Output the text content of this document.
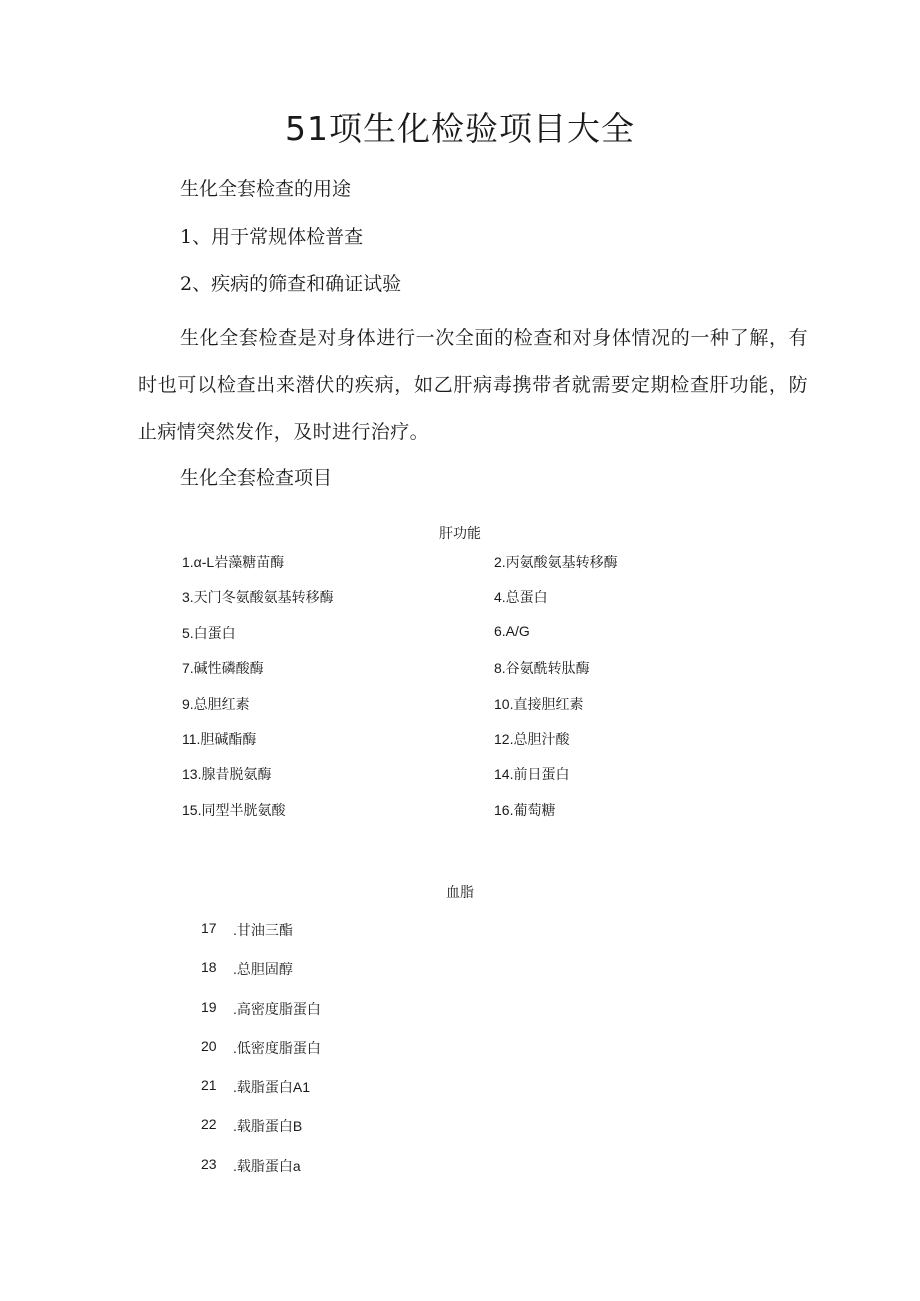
51项生化检验项目大全

生化全套检查的用途

1、用于常规体检普查

2、疾病的筛查和确证试验

生化全套检查是对身体进行一次全面的检查和对身体情况的一种了解，有时也可以检查出来潜伏的疾病，如乙肝病毒携带者就需要定期检查肝功能，防止病情突然发作，及时进行治疗。

生化全套检查项目

肝功能
1.α-L岩藻糖苗酶	2.丙氨酸氨基转移酶
3.天门冬氨酸氨基转移酶	4.总蛋白
5.白蛋白	6.A/G
7.碱性磷酸酶	8.谷氨酰转肽酶
9.总胆红素	10.直接胆红素
11.胆碱酯酶	12.总胆汁酸
13.腺昔脱氨酶	14.前日蛋白
15.同型半胱氨酸	16.葡萄糖
血脂
17 .甘油三酯
18 .总胆固醇
19 .高密度脂蛋白
20 .低密度脂蛋白
21 .载脂蛋白A1
22 .载脂蛋白B
23 .载脂蛋白a
